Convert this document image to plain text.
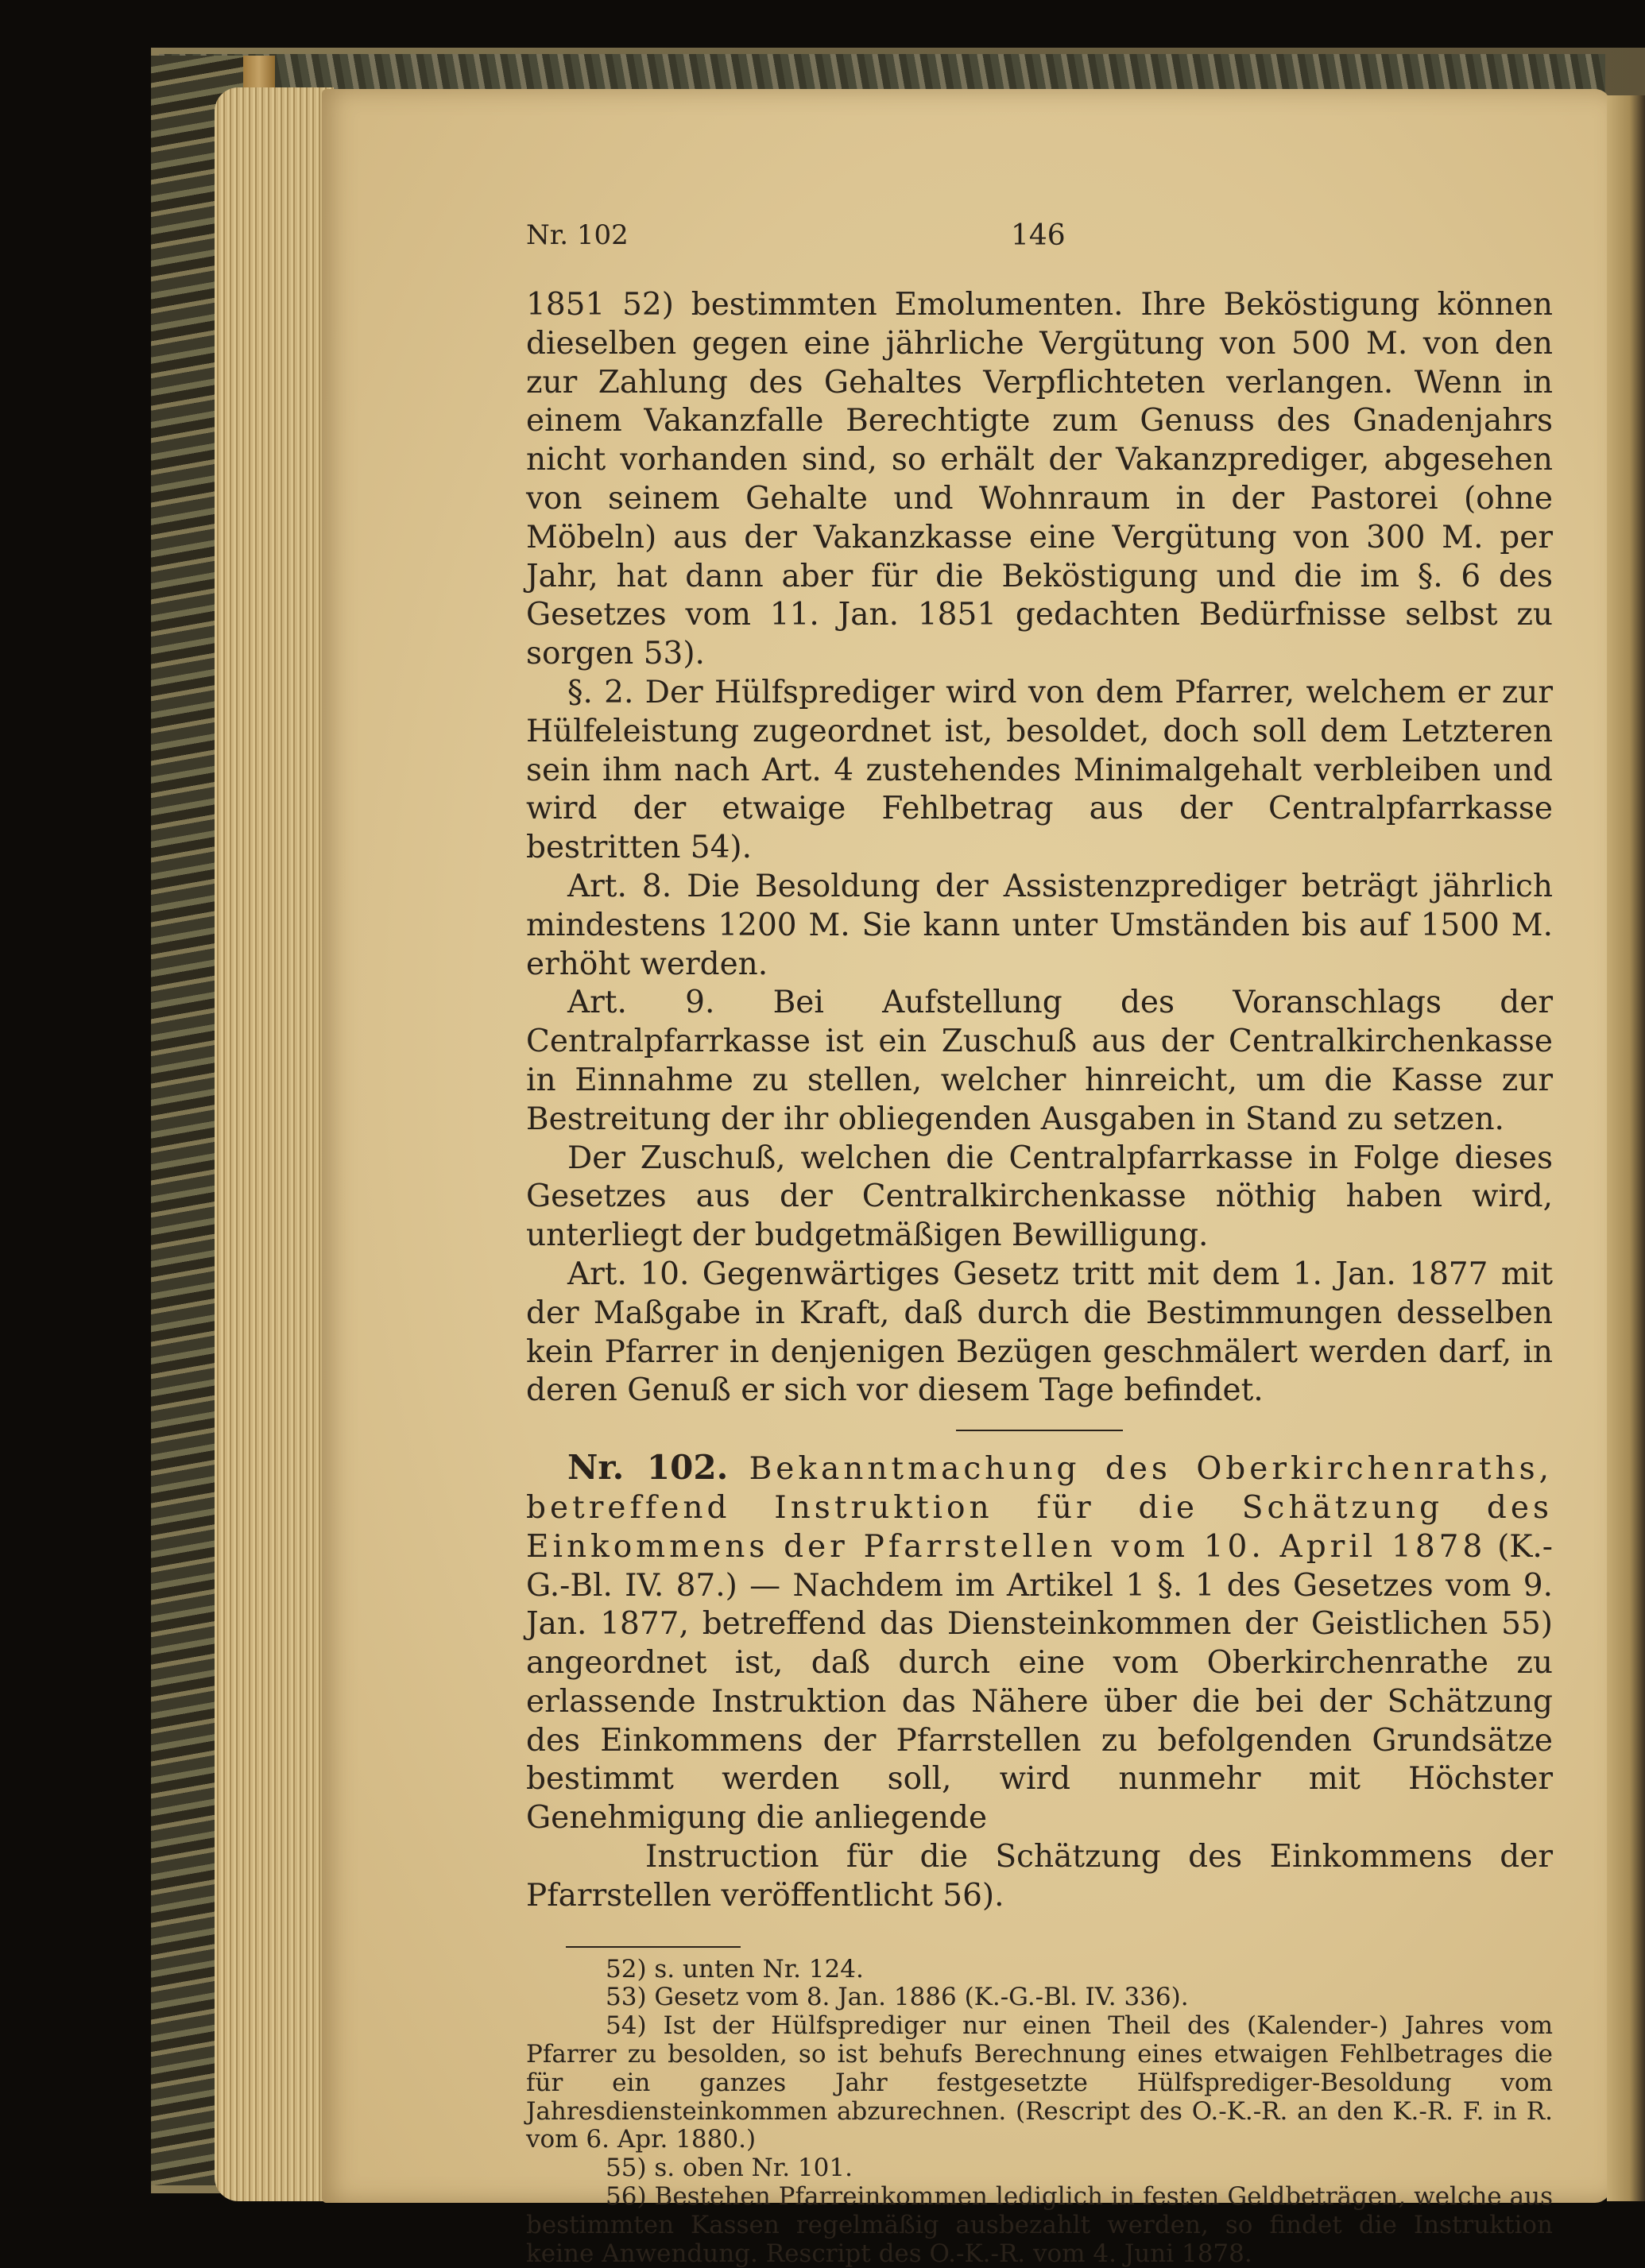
Nr. 102	146

1851 52) bestimmten Emolumenten. Ihre Beköstigung können dieselben gegen eine jährliche Vergütung von 500 M. von den zur Zahlung des Gehaltes Verpflichteten verlangen. Wenn in einem Vakanzfalle Berechtigte zum Genuss des Gnadenjahrs nicht vorhanden sind, so erhält der Vakanzprediger, abgesehen von seinem Gehalte und Wohnraum in der Pastorei (ohne Möbeln) aus der Vakanzkasse eine Vergütung von 300 M. per Jahr, hat dann aber für die Beköstigung und die im §. 6 des Gesetzes vom 11. Jan. 1851 gedachten Bedürfnisse selbst zu sorgen 53).

§. 2. Der Hülfsprediger wird von dem Pfarrer, welchem er zur Hülfeleistung zugeordnet ist, besoldet, doch soll dem Letzteren sein ihm nach Art. 4 zustehendes Minimalgehalt verbleiben und wird der etwaige Fehlbetrag aus der Centralpfarrkasse bestritten 54).

Art. 8. Die Besoldung der Assistenzprediger beträgt jährlich mindestens 1200 M. Sie kann unter Umständen bis auf 1500 M. erhöht werden.

Art. 9. Bei Aufstellung des Voranschlags der Centralpfarrkasse ist ein Zuschuß aus der Centralkirchenkasse in Einnahme zu stellen, welcher hinreicht, um die Kasse zur Bestreitung der ihr obliegenden Ausgaben in Stand zu setzen.

Der Zuschuß, welchen die Centralpfarrkasse in Folge dieses Gesetzes aus der Centralkirchenkasse nöthig haben wird, unterliegt der budgetmäßigen Bewilligung.

Art. 10. Gegenwärtiges Gesetz tritt mit dem 1. Jan. 1877 mit der Maßgabe in Kraft, daß durch die Bestimmungen desselben kein Pfarrer in denjenigen Bezügen geschmälert werden darf, in deren Genuß er sich vor diesem Tage befindet.

Nr. 102. Bekanntmachung des Oberkirchenraths, betreffend Instruktion für die Schätzung des Einkommens der Pfarrstellen vom 10. April 1878 (K.-G.-Bl. IV. 87.) — Nachdem im Artikel 1 §. 1 des Gesetzes vom 9. Jan. 1877, betreffend das Diensteinkommen der Geistlichen 55) angeordnet ist, daß durch eine vom Oberkirchenrathe zu erlassende Instruktion das Nähere über die bei der Schätzung des Einkommens der Pfarrstellen zu befolgenden Grundsätze bestimmt werden soll, wird nunmehr mit Höchster Genehmigung die anliegende

Instruction für die Schätzung des Einkommens der Pfarrstellen veröffentlicht 56).

52) s. unten Nr. 124.

53) Gesetz vom 8. Jan. 1886 (K.-G.-Bl. IV. 336).

54) Ist der Hülfsprediger nur einen Theil des (Kalender-) Jahres vom Pfarrer zu besolden, so ist behufs Berechnung eines etwaigen Fehlbetrages die für ein ganzes Jahr festgesetzte Hülfsprediger-Besoldung vom Jahresdiensteinkommen abzurechnen. (Rescript des O.-K.-R. an den K.-R. F. in R. vom 6. Apr. 1880.)

55) s. oben Nr. 101.

56) Bestehen Pfarreinkommen lediglich in festen Geldbeträgen, welche aus bestimmten Kassen regelmäßig ausbezahlt werden, so findet die Instruktion keine Anwendung. Rescript des O.-K.-R. vom 4. Juni 1878.
